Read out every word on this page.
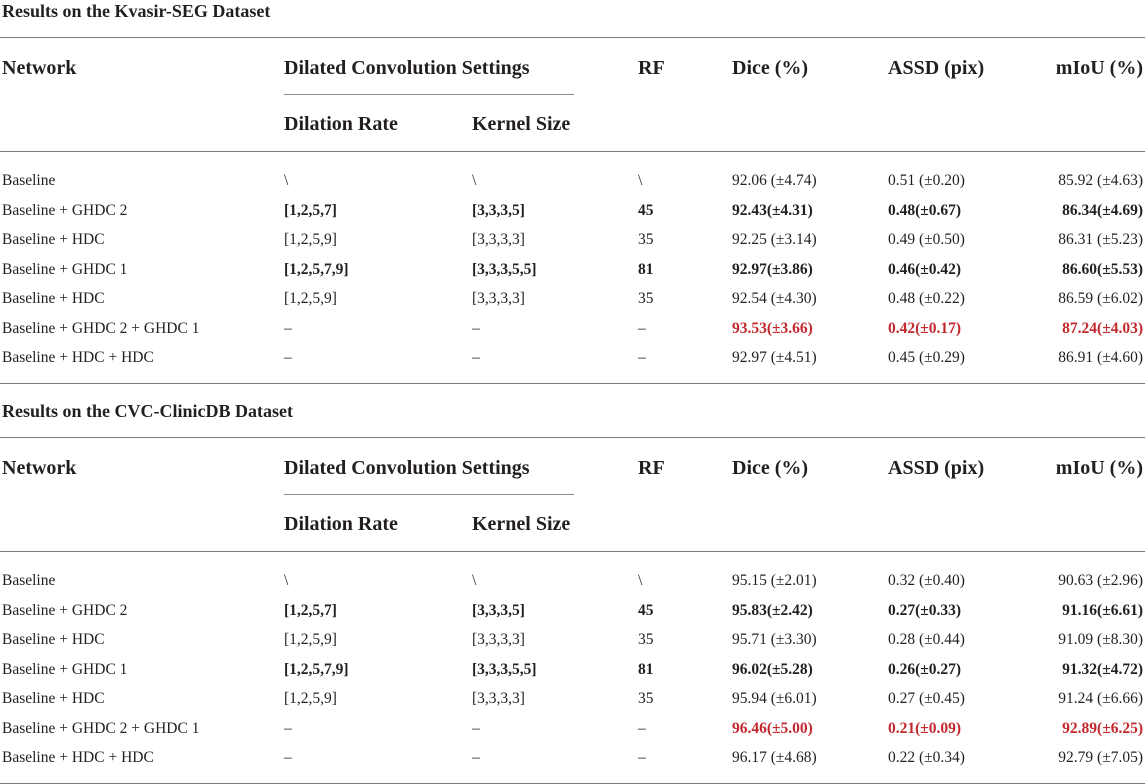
Results on the Kvasir-SEG Dataset
Network	Dilated Convolution Settings	RF	Dice (%)	ASSD (pix)	mIoU (%)
Dilation Rate	Kernel Size
Baseline	\	\	\	92.06 (±4.74)	0.51 (±0.20)	85.92 (±4.63)
Baseline + GHDC 2	[1,2,5,7]	[3,3,3,5]	45	92.43(±4.31)	0.48(±0.67)	86.34(±4.69)
Baseline + HDC	[1,2,5,9]	[3,3,3,3]	35	92.25 (±3.14)	0.49 (±0.50)	86.31 (±5.23)
Baseline + GHDC 1	[1,2,5,7,9]	[3,3,3,5,5]	81	92.97(±3.86)	0.46(±0.42)	86.60(±5.53)
Baseline + HDC	[1,2,5,9]	[3,3,3,3]	35	92.54 (±4.30)	0.48 (±0.22)	86.59 (±6.02)
Baseline + GHDC 2 + GHDC 1	–	–	–	93.53(±3.66)	0.42(±0.17)	87.24(±4.03)
Baseline + HDC + HDC	–	–	–	92.97 (±4.51)	0.45 (±0.29)	86.91 (±4.60)
Results on the CVC-ClinicDB Dataset
Network	Dilated Convolution Settings	RF	Dice (%)	ASSD (pix)	mIoU (%)
Dilation Rate	Kernel Size
Baseline	\	\	\	95.15 (±2.01)	0.32 (±0.40)	90.63 (±2.96)
Baseline + GHDC 2	[1,2,5,7]	[3,3,3,5]	45	95.83(±2.42)	0.27(±0.33)	91.16(±6.61)
Baseline + HDC	[1,2,5,9]	[3,3,3,3]	35	95.71 (±3.30)	0.28 (±0.44)	91.09 (±8.30)
Baseline + GHDC 1	[1,2,5,7,9]	[3,3,3,5,5]	81	96.02(±5.28)	0.26(±0.27)	91.32(±4.72)
Baseline + HDC	[1,2,5,9]	[3,3,3,3]	35	95.94 (±6.01)	0.27 (±0.45)	91.24 (±6.66)
Baseline + GHDC 2 + GHDC 1	–	–	–	96.46(±5.00)	0.21(±0.09)	92.89(±6.25)
Baseline + HDC + HDC	–	–	–	96.17 (±4.68)	0.22 (±0.34)	92.79 (±7.05)
